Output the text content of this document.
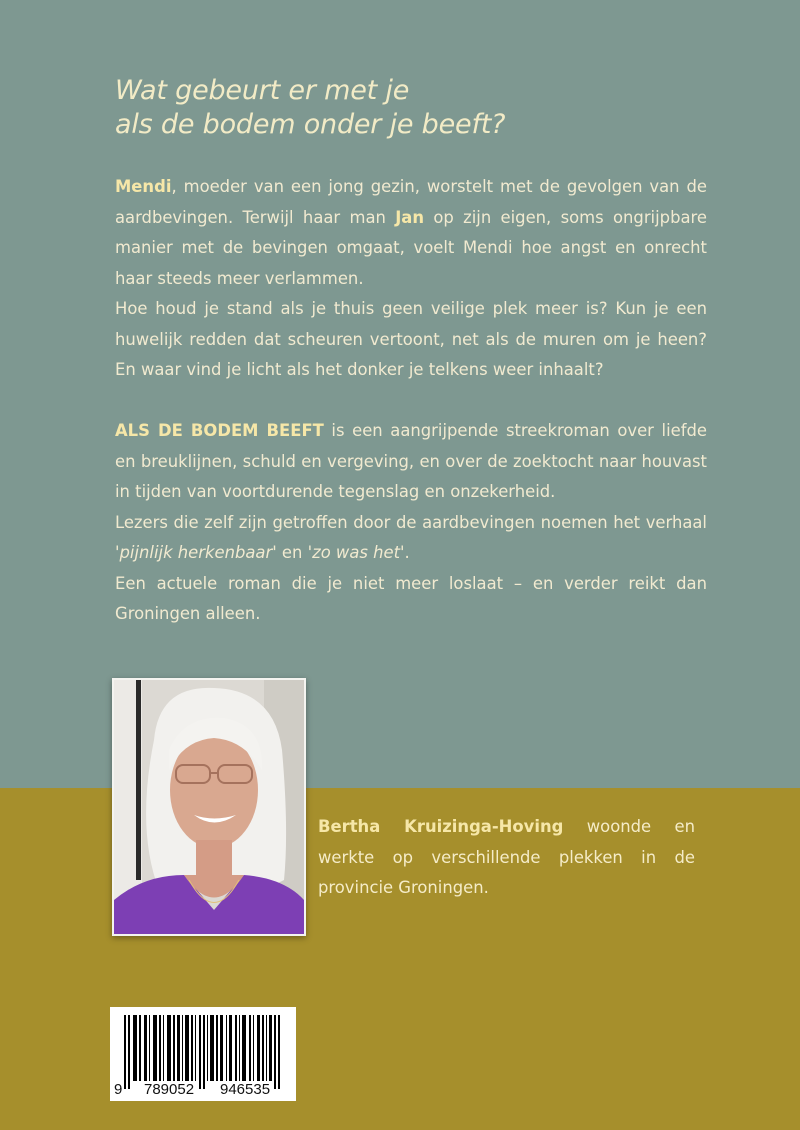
Wat gebeurt er met je
als de bodem onder je beeft?

Mendi, moeder van een jong gezin, worstelt met de gevolgen van de aardbevingen. Terwijl haar man Jan op zijn eigen, soms ongrijpbare manier met de bevingen omgaat, voelt Mendi hoe angst en onrecht haar steeds meer verlammen.

Hoe houd je stand als je thuis geen veilige plek meer is? Kun je een huwelijk redden dat scheuren vertoont, net als de muren om je heen? En waar vind je licht als het donker je telkens weer inhaalt?

ALS DE BODEM BEEFT is een aangrijpende streekroman over liefde en breuklijnen, schuld en vergeving, en over de zoektocht naar houvast in tijden van voortdurende tegenslag en onzekerheid.

Lezers die zelf zijn getroffen door de aardbevingen noemen het verhaal 'pijnlijk herkenbaar' en 'zo was het'.

Een actuele roman die je niet meer loslaat – en verder reikt dan Groningen alleen.

Bertha Kruizinga-Hoving woonde en werkte op verschillende plekken in de provincie Groningen.

9 789052 946535
